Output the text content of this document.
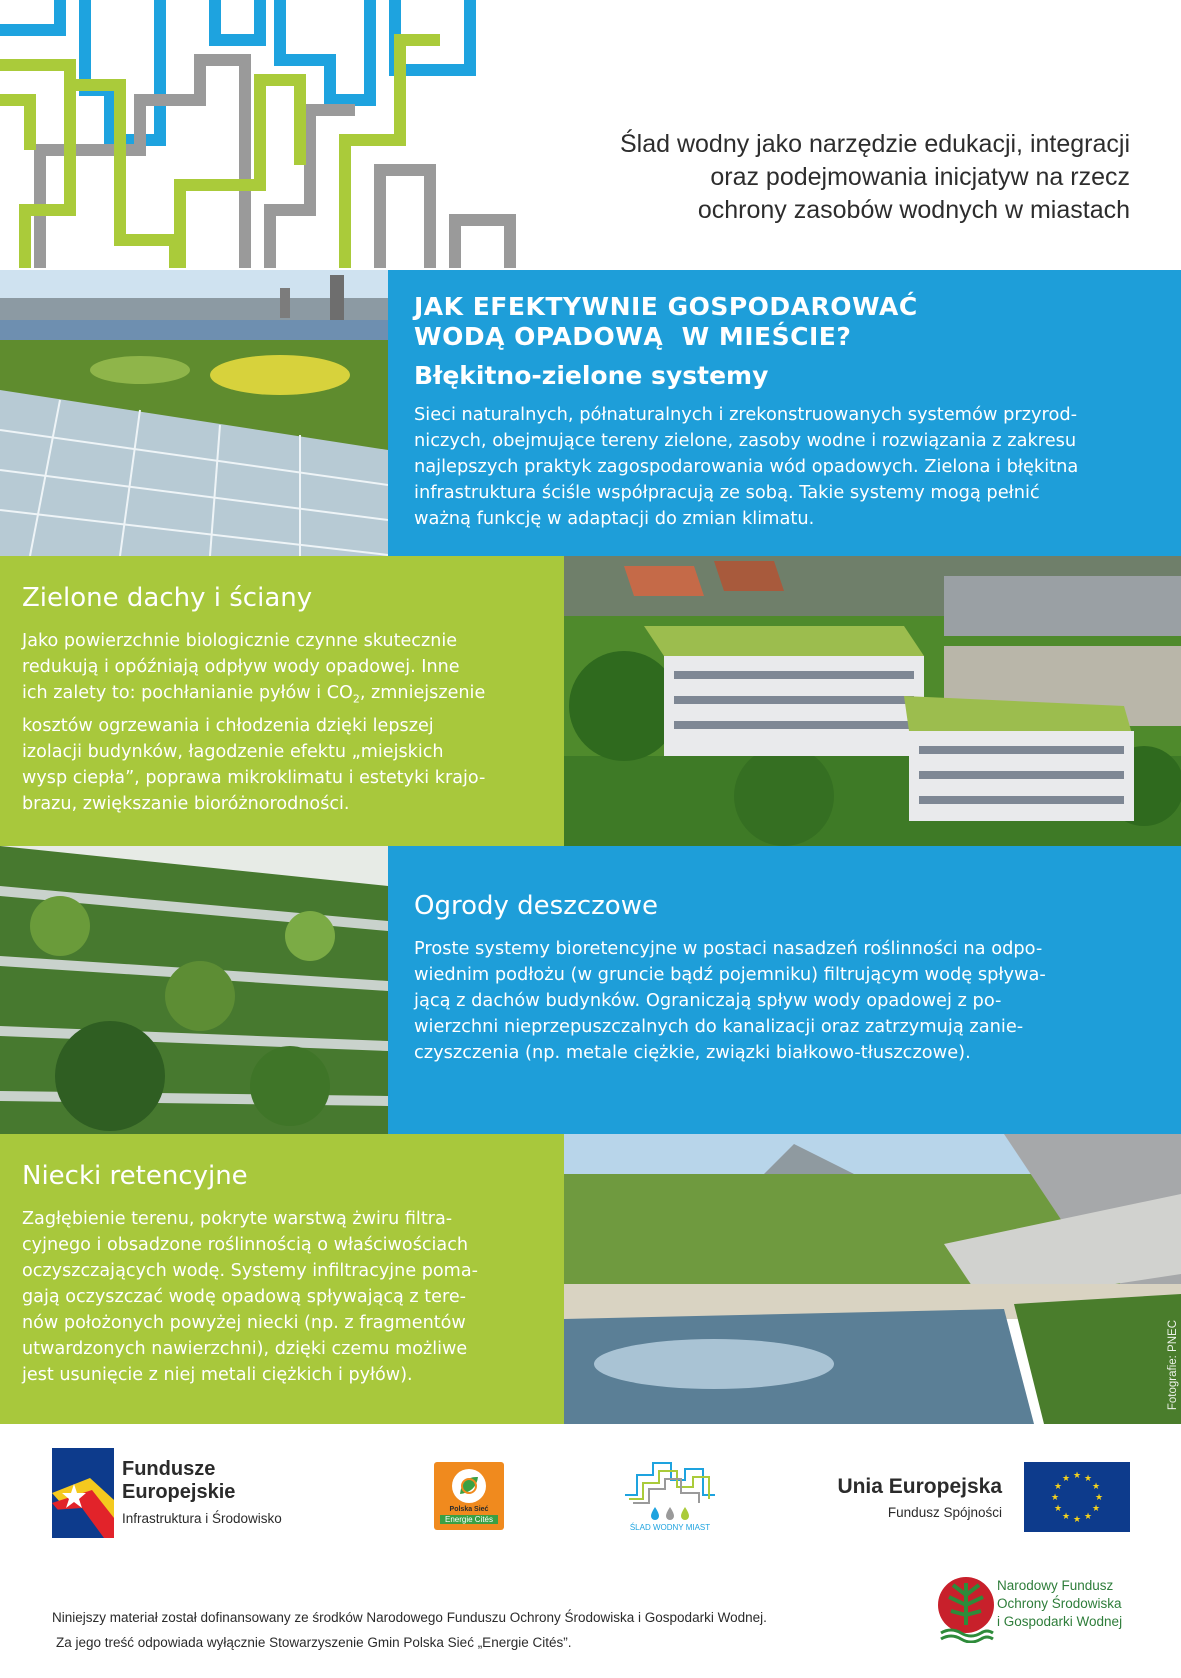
Ślad wodny jako narzędzie edukacji, integracji
oraz podejmowania inicjatyw na rzecz
ochrony zasobów wodnych w miastach
JAK EFEKTYWNIE GOSPODAROWAĆ
WODĄ OPADOWĄ  W MIEŚCIE?
Błękitno-zielone systemy
Sieci naturalnych, półnaturalnych i zrekonstruowanych systemów przyrod-
niczych, obejmujące tereny zielone, zasoby wodne i rozwiązania z zakresu
najlepszych praktyk zagospodarowania wód opadowych. Zielona i błękitna
infrastruktura ściśle współpracują ze sobą. Takie systemy mogą pełnić
ważną funkcję w adaptacji do zmian klimatu.
Zielone dachy i ściany
Jako powierzchnie biologicznie czynne skutecznie
redukują i opóźniają odpływ wody opadowej. Inne
ich zalety to: pochłanianie pyłów i $CO_2$, zmniejszenie
kosztów ogrzewania i chłodzenia dzięki lepszej
izolacji budynków, łagodzenie efektu „miejskich
wysp ciepła”, poprawa mikroklimatu i estetyki krajo-
brazu, zwiększanie bioróżnorodności.
Ogrody deszczowe
Proste systemy bioretencyjne w postaci nasadzeń roślinności na odpo-
wiednim podłożu (w gruncie bądź pojemniku) filtrującym wodę spływa-
jącą z dachów budynków. Ograniczają spływ wody opadowej z po-
wierzchni nieprzepuszczalnych do kanalizacji oraz zatrzymują zanie-
czyszczenia (np. metale ciężkie, związki białkowo-tłuszczowe).
Niecki retencyjne
Zagłębienie terenu, pokryte warstwą żwiru filtra-
cyjnego i obsadzone roślinnością o właściwościach
oczyszczających wodę. Systemy infiltracyjne poma-
gają oczyszczać wodę opadową spływającą z tere-
nów położonych powyżej niecki (np. z fragmentów
utwardzonych nawierzchni), dzięki czemu możliwe
jest usunięcie z niej metali ciężkich i pyłów).	Fotografie: PNEC
Fundusze
Europejskie
Infrastruktura i Środowisko
Polska Sieć
Energie Cités
ŚLAD WODNY MIAST
Unia Europejska
Fundusz Spójności
★ ★
★
★
★
★
★
★
★
★
★
★
Narodowy Fundusz
Ochrony Środowiska
i Gospodarki Wodnej
Niniejszy materiał został dofinansowany ze środków Narodowego Funduszu Ochrony Środowiska i Gospodarki Wodnej.
Za jego treść odpowiada wyłącznie Stowarzyszenie Gmin Polska Sieć „Energie Cités”.
